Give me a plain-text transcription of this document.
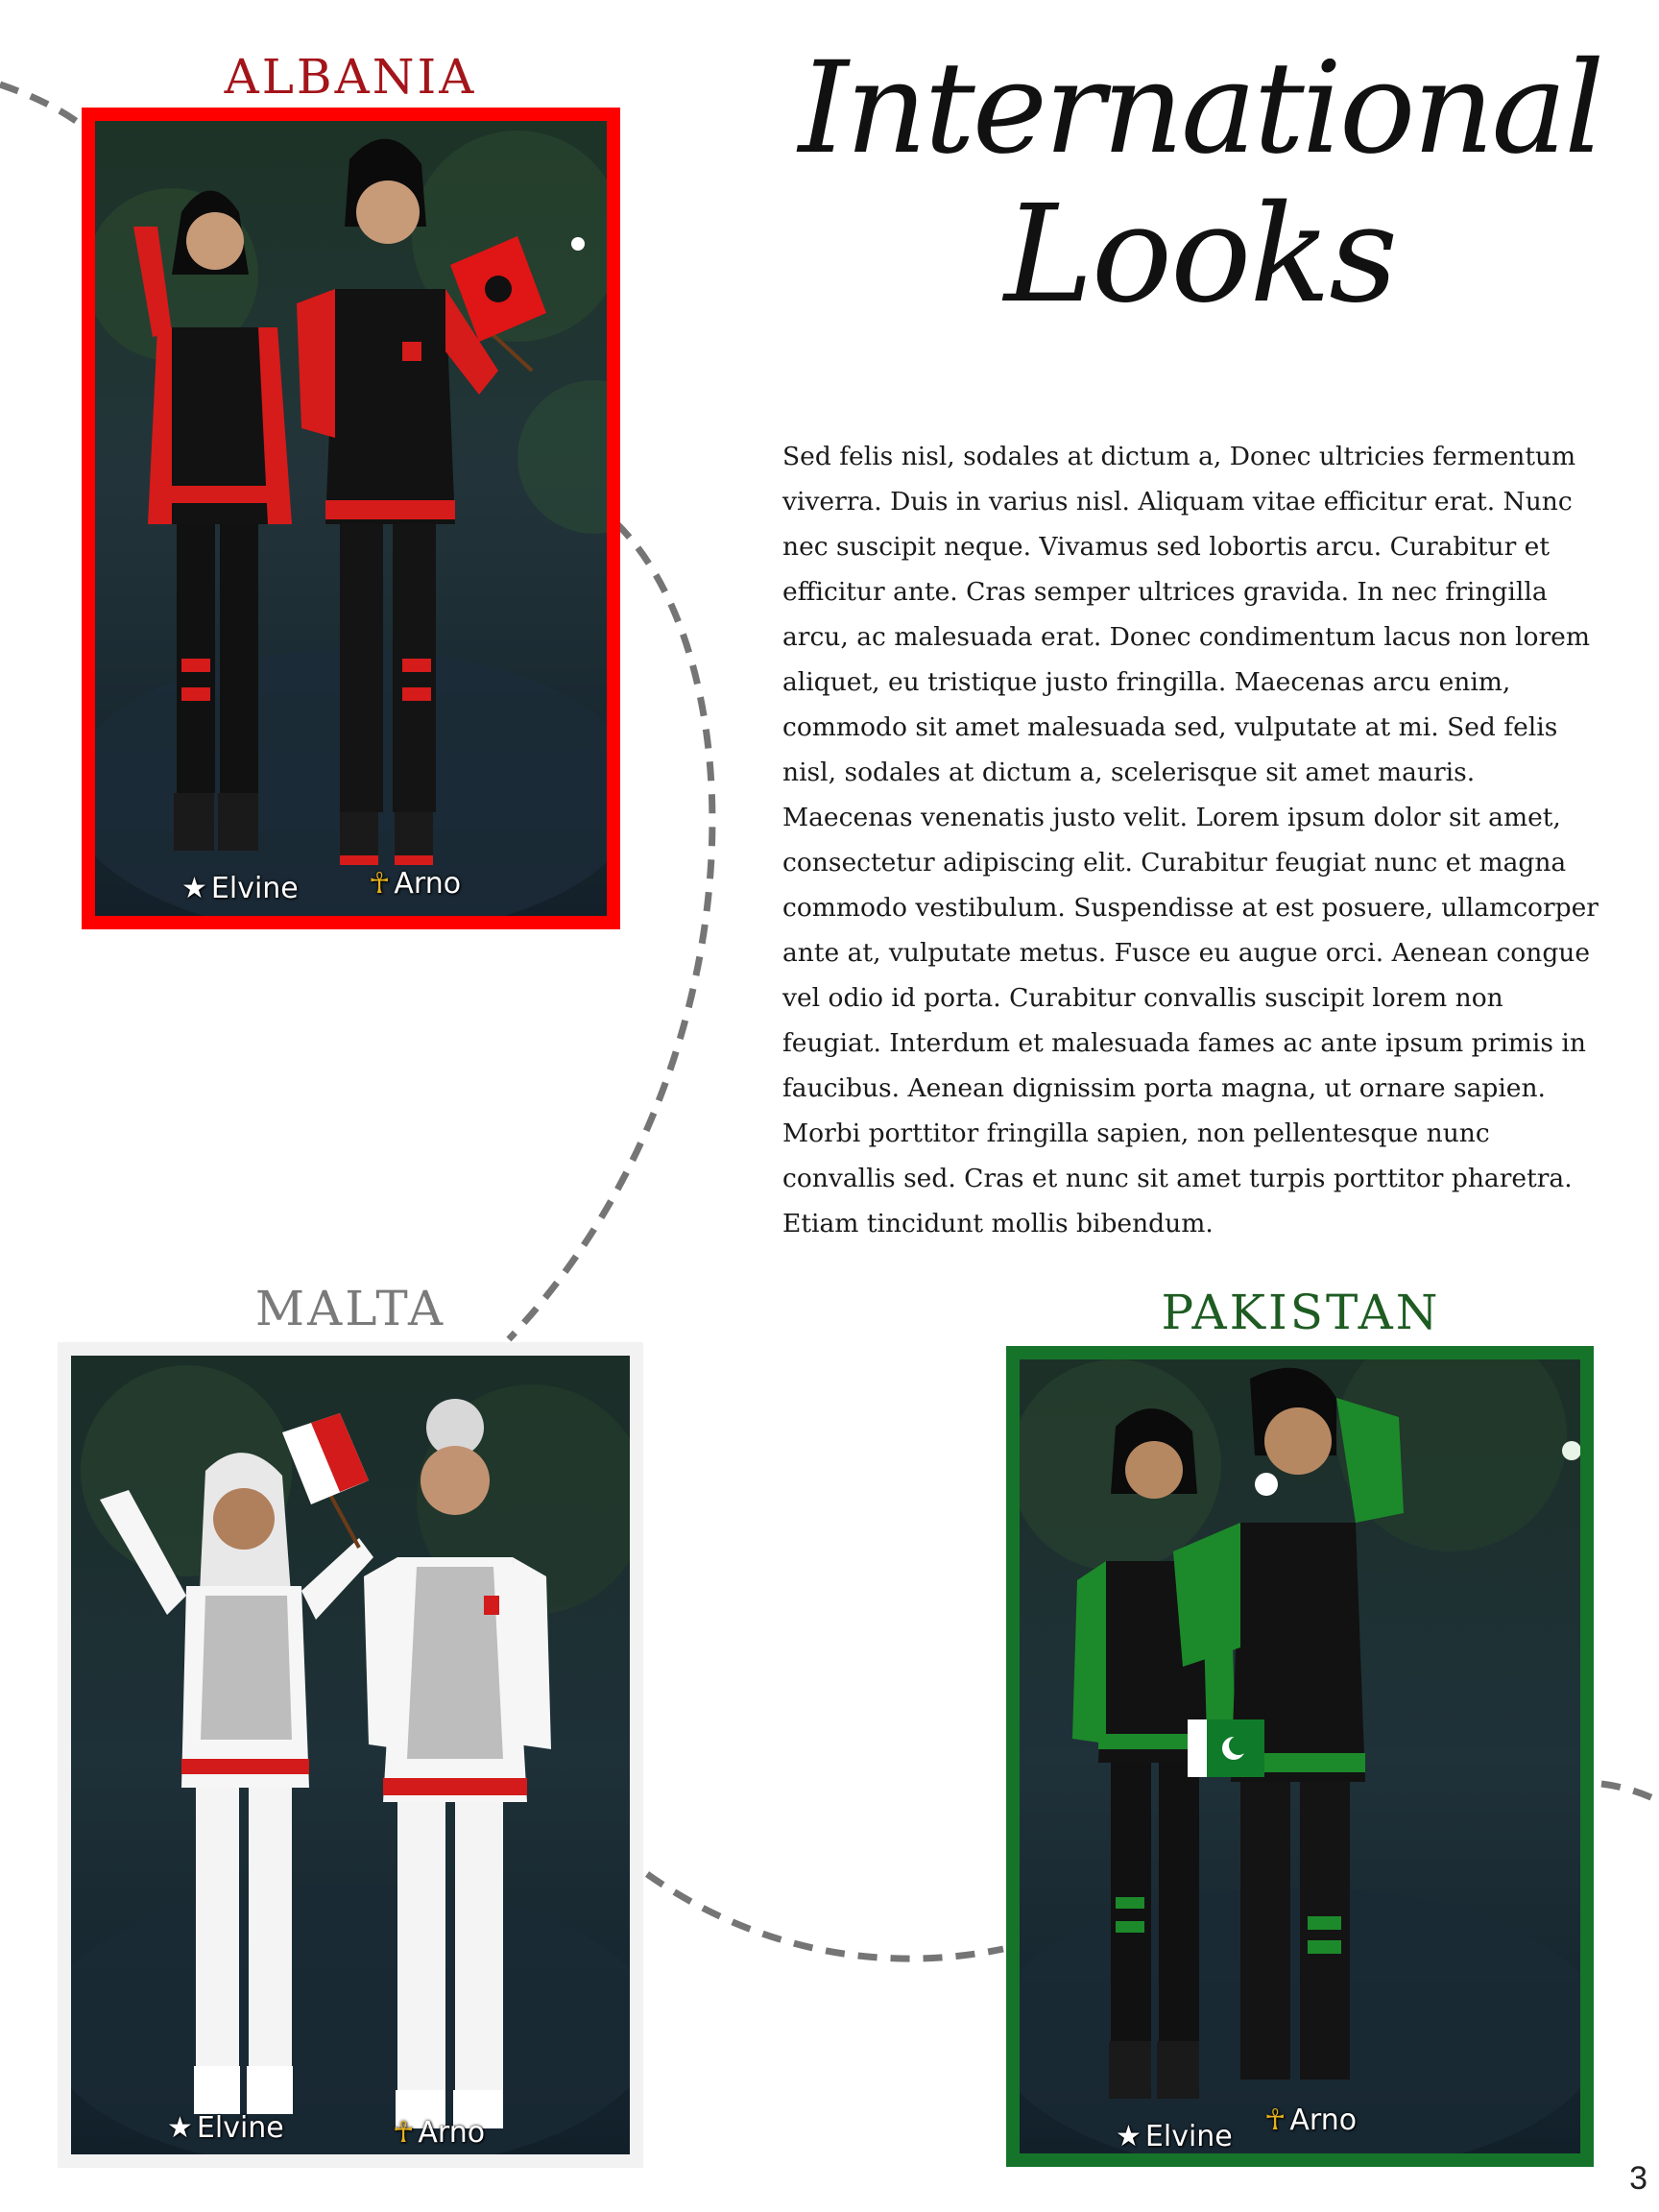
ALBANIA
★ Elvine ☥ Arno
International
Looks

Sed felis nisl, sodales at dictum a, Donec ultricies fermentum viverra. Duis in varius nisl. Aliquam vitae efficitur erat. Nunc nec suscipit neque. Vivamus sed lobortis arcu. Curabitur et efficitur ante. Cras semper ultrices gravida. In nec fringilla arcu, ac malesuada erat. Donec condimentum lacus non lorem aliquet, eu tristique justo fringilla. Maecenas arcu enim, commodo sit amet malesuada sed, vulputate at mi. Sed felis nisl, sodales at dictum a, scelerisque sit amet mauris. Maecenas venenatis justo velit. Lorem ipsum dolor sit amet, consectetur adipiscing elit. Curabitur feugiat nunc et magna commodo vestibulum. Suspendisse at est posuere, ullamcorper ante at, vulputate metus. Fusce eu augue orci. Aenean congue vel odio id porta. Curabitur convallis suscipit lorem non feugiat. Interdum et malesuada fames ac ante ipsum primis in faucibus. Aenean dignissim porta magna, ut ornare sapien. Morbi porttitor fringilla sapien, non pellentesque nunc convallis sed. Cras et nunc sit amet turpis porttitor pharetra. Etiam tincidunt mollis bibendum.

MALTA
★ Elvine	☥ Arno
PAKISTAN
★ Elvine ☥ Arno
3
